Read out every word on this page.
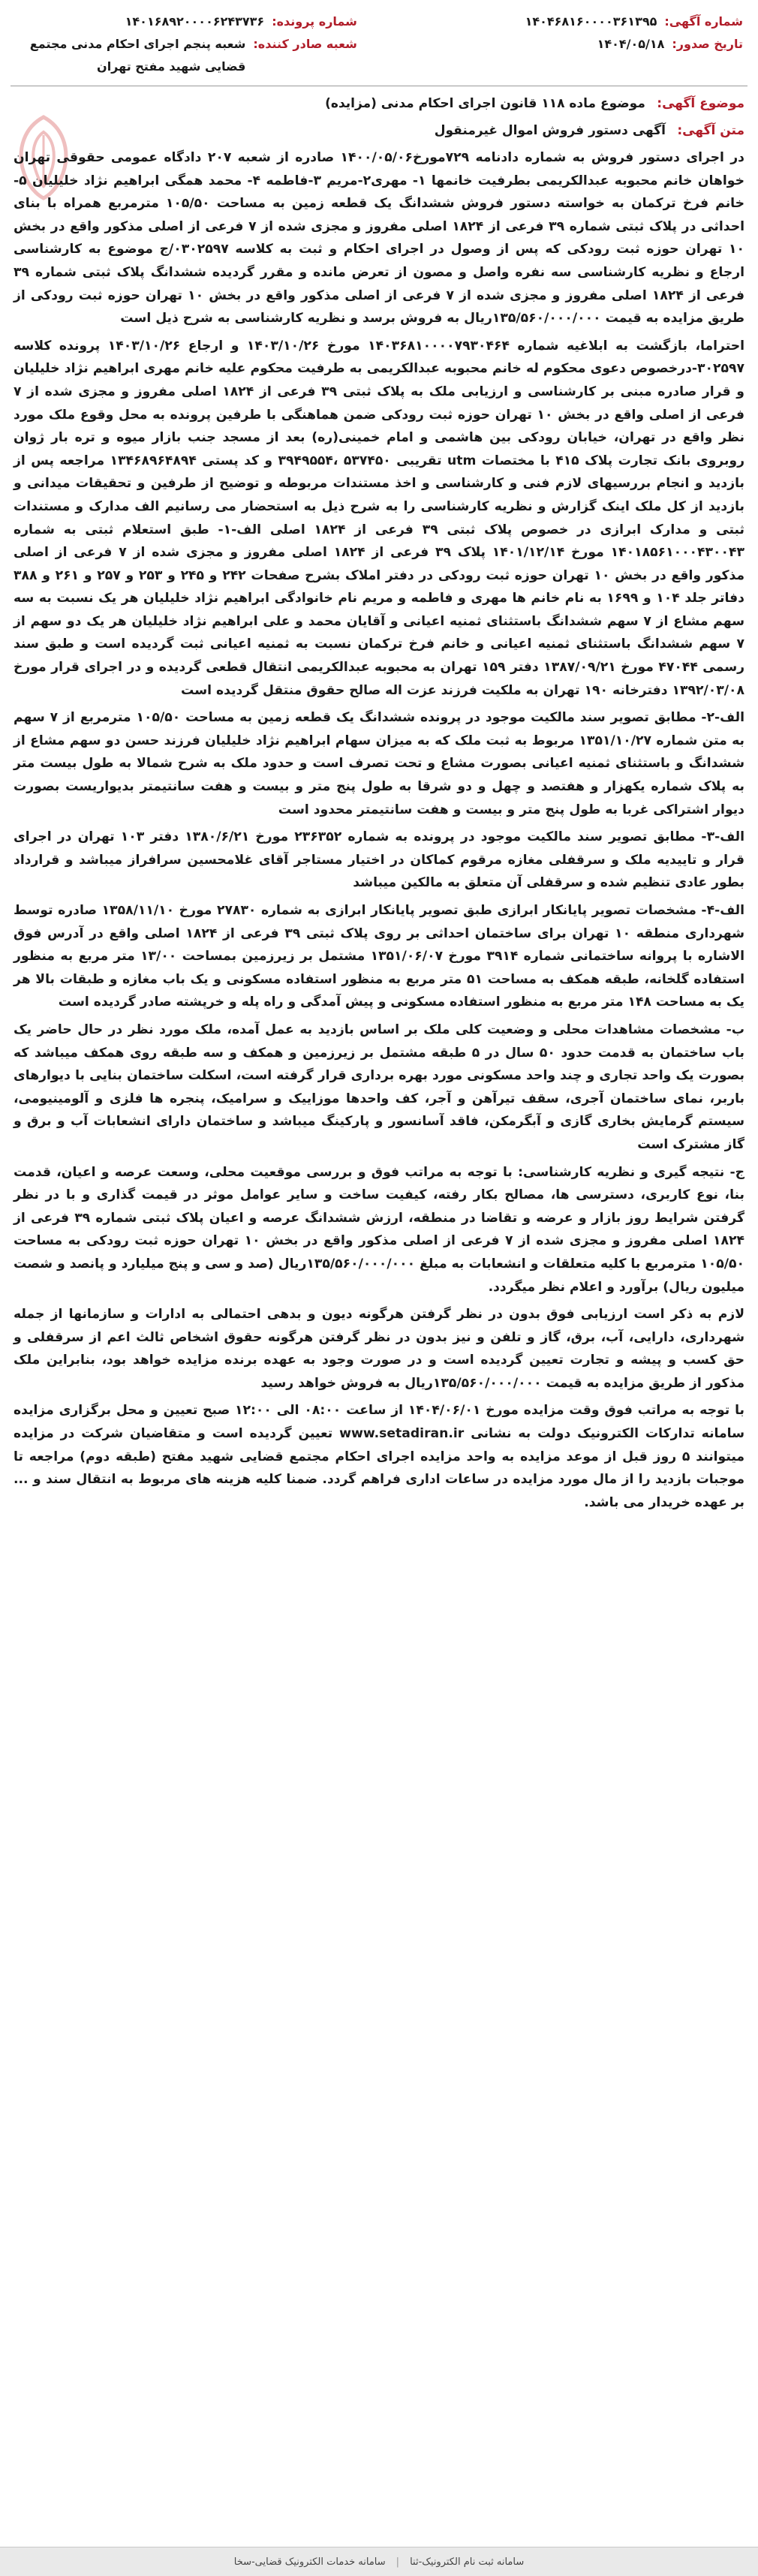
شماره آگهی:
۱۴۰۴۶۸۱۶۰۰۰۰۳۶۱۳۹۵
تاریخ صدور:
۱۴۰۴/۰۵/۱۸
شماره پرونده:
۱۴۰۱۶۸۹۲۰۰۰۰۶۲۴۳۷۳۶
شعبه صادر کننده:
شعبه پنجم اجرای احکام مدنی مجتمع قضایی شهید مفتح تهران
موضوع آگهی: موضوع ماده ۱۱۸ قانون اجرای احکام مدنی (مزایده)
متن آگهی: آگهی دستور فروش اموال غیرمنقول

در اجرای دستور فروش به شماره دادنامه ۷۲۹مورخ۱۴۰۰/۰۵/۰۶ صادره از شعبه ۲۰۷ دادگاه عمومی حقوقی تهران خواهان خانم محبوبه عبدالکریمی بطرفیت خانمها ۱- مهری۲-مریم ۳-فاطمه ۴- محمد همگی ابراهیم نژاد خلیلیان ۵- خانم فرخ ترکمان به خواسته دستور فروش ششدانگ یک قطعه زمین به مساحت ۱۰۵/۵۰ مترمربع همراه با بنای احداثی در پلاک ثبتی شماره ۳۹ فرعی از ۱۸۲۴ اصلی مفروز و مجزی شده از ۷ فرعی از اصلی مذکور واقع در بخش ۱۰ تهران حوزه ثبت رودکی که پس از وصول در اجرای احکام و ثبت به کلاسه ۰۳۰۲۵۹۷/ج موضوع به کارشناسی ارجاع و نظریه کارشناسی سه نفره واصل و مصون از تعرض مانده و مقرر گردیده ششدانگ پلاک ثبتی شماره ۳۹ فرعی از ۱۸۲۴ اصلی مفروز و مجزی شده از ۷ فرعی از اصلی مذکور واقع در بخش ۱۰ تهران حوزه ثبت رودکی از طریق مزایده به قیمت ۱۳۵/۵۶۰/۰۰۰/۰۰۰ریال به فروش برسد و نظریه کارشناسی به شرح ذیل است

احتراما، بازگشت به ابلاغیه شماره ۱۴۰۳۶۸۱۰۰۰۰۷۹۳۰۴۶۴ مورخ ۱۴۰۳/۱۰/۲۶ و ارجاع ۱۴۰۳/۱۰/۲۶ پرونده کلاسه ۳۰۲۵۹۷-درخصوص دعوی محکوم له خانم محبوبه عبدالکریمی به طرفیت محکوم علیه خانم مهری ابراهیم نژاد خلیلیان و قرار صادره مبنی بر کارشناسی و ارزیابی ملک به پلاک ثبتی ۳۹ فرعی از ۱۸۲۴ اصلی مفروز و مجزی شده از ۷ فرعی از اصلی واقع در بخش ۱۰ تهران حوزه ثبت رودکی ضمن هماهنگی با طرفین پرونده به محل وقوع ملک مورد نظر واقع در تهران، خیابان رودکی بین هاشمی و امام خمینی(ره) بعد از مسجد جنب بازار میوه و تره بار ژوان روبروی بانک تجارت پلاک ۴۱۵ با مختصات utm تقریبی ۵۳۷۴۵۰ ،۳۹۴۹۵۵۴ و کد پستی ۱۳۴۶۸۹۶۴۸۹۴ مراجعه پس از بازدید و انجام بررسیهای لازم فنی و کارشناسی و اخذ مستندات مربوطه و توضیح از طرفین و تحقیقات میدانی و بازدید از کل ملک اینک گزارش و نظریه کارشناسی را به شرح ذیل به استحضار می رسانیم الف مدارک و مستندات ثبتی و مدارک ابرازی در خصوص پلاک ثبتی ۳۹ فرعی از ۱۸۲۴ اصلی الف-۱- طبق استعلام ثبتی به شماره ۱۴۰۱۸۵۶۱۰۰۰۴۳۰۰۴۳ مورخ ۱۴۰۱/۱۲/۱۴ پلاک ۳۹ فرعی از ۱۸۲۴ اصلی مفروز و مجزی شده از ۷ فرعی از اصلی مذکور واقع در بخش ۱۰ تهران حوزه ثبت رودکی در دفتر املاک بشرح صفحات ۲۴۲ و ۲۴۵ و ۲۵۳ و ۲۵۷ و ۲۶۱ و ۳۸۸ دفاتر جلد ۱۰۴ و ۱۶۹۹ به نام خانم ها مهری و فاطمه و مریم نام خانوادگی ابراهیم نژاد خلیلیان هر یک نسبت به سه سهم مشاع از ۷ سهم ششدانگ باستثنای ثمنیه اعیانی و آقایان محمد و علی ابراهیم نژاد خلیلیان هر یک دو سهم از ۷ سهم ششدانگ باستثنای ثمنیه اعیانی و خانم فرخ ترکمان نسبت به ثمنیه اعیانی ثبت گردیده است و طبق سند رسمی ۴۷۰۴۴ مورخ ۱۳۸۷/۰۹/۲۱ دفتر ۱۵۹ تهران به محبوبه عبدالکریمی انتقال قطعی گردیده و در اجرای قرار مورخ ۱۳۹۲/۰۳/۰۸ دفترخانه ۱۹۰ تهران به ملکیت فرزند عزت اله صالح حقوق منتقل گردیده است

الف-۲- مطابق تصویر سند مالکیت موجود در پرونده ششدانگ یک قطعه زمین به مساحت ۱۰۵/۵۰ مترمربع از ۷ سهم به متن شماره ۱۳۵۱/۱۰/۲۷ مربوط به ثبت ملک که به میزان سهام ابراهیم نژاد خلیلیان فرزند حسن دو سهم مشاع از ششدانگ و باستثنای ثمنیه اعیانی بصورت مشاع و تحت تصرف است و حدود ملک به شرح شمالا به طول بیست متر به پلاک شماره یکهزار و هفتصد و چهل و دو شرقا به طول پنج متر و بیست و هفت سانتیمتر بدیواریست بصورت دیوار اشتراکی غربا به طول پنج متر و بیست و هفت سانتیمتر محدود است

الف-۳- مطابق تصویر سند مالکیت موجود در پرونده به شماره ۲۳۶۳۵۲ مورخ ۱۳۸۰/۶/۲۱ دفتر ۱۰۳ تهران در اجرای قرار و تاییدیه ملک و سرقفلی مغازه مرقوم کماکان در اختیار مستاجر آقای غلامحسین سرافراز میباشد و قرارداد بطور عادی تنظیم شده و سرقفلی آن متعلق به مالکین میباشد

الف-۴- مشخصات تصویر پایانکار ابرازی طبق تصویر پایانکار ابرازی به شماره ۲۷۸۳۰ مورخ ۱۳۵۸/۱۱/۱۰ صادره توسط شهرداری منطقه ۱۰ تهران برای ساختمان احداثی بر روی پلاک ثبتی ۳۹ فرعی از ۱۸۲۴ اصلی واقع در آدرس فوق الاشاره با پروانه ساختمانی شماره ۳۹۱۴ مورخ ۱۳۵۱/۰۶/۰۷ مشتمل بر زیرزمین بمساحت ۱۳/۰۰ متر مربع به منظور استفاده گلخانه، طبقه همکف به مساحت ۵۱ متر مربع به منظور استفاده مسکونی و یک باب مغازه و طبقات بالا هر یک به مساحت ۱۴۸ متر مربع به منظور استفاده مسکونی و پیش آمدگی و راه پله و خرپشته صادر گردیده است

ب- مشخصات مشاهدات محلی و وضعیت کلی ملک بر اساس بازدید به عمل آمده، ملک مورد نظر در حال حاضر یک باب ساختمان به قدمت حدود ۵۰ سال در ۵ طبقه مشتمل بر زیرزمین و همکف و سه طبقه روی همکف میباشد که بصورت یک واحد تجاری و چند واحد مسکونی مورد بهره برداری قرار گرفته است، اسکلت ساختمان بنایی با دیوارهای باربر، نمای ساختمان آجری، سقف تیرآهن و آجر، کف واحدها موزاییک و سرامیک، پنجره ها فلزی و آلومینیومی، سیستم گرمایش بخاری گازی و آبگرمکن، فاقد آسانسور و پارکینگ میباشد و ساختمان دارای انشعابات آب و برق و گاز مشترک است

ج- نتیجه گیری و نظریه کارشناسی: با توجه به مراتب فوق و بررسی موقعیت محلی، وسعت عرصه و اعیان، قدمت بنا، نوع کاربری، دسترسی ها، مصالح بکار رفته، کیفیت ساخت و سایر عوامل موثر در قیمت گذاری و با در نظر گرفتن شرایط روز بازار و عرضه و تقاضا در منطقه، ارزش ششدانگ عرصه و اعیان پلاک ثبتی شماره ۳۹ فرعی از ۱۸۲۴ اصلی مفروز و مجزی شده از ۷ فرعی از اصلی مذکور واقع در بخش ۱۰ تهران حوزه ثبت رودکی به مساحت ۱۰۵/۵۰ مترمربع با کلیه متعلقات و انشعابات به مبلغ ۱۳۵/۵۶۰/۰۰۰/۰۰۰ریال (صد و سی و پنج میلیارد و پانصد و شصت میلیون ریال) برآورد و اعلام نظر میگردد.

لازم به ذکر است ارزیابی فوق بدون در نظر گرفتن هرگونه دیون و بدهی احتمالی به ادارات و سازمانها از جمله شهرداری، دارایی، آب، برق، گاز و تلفن و نیز بدون در نظر گرفتن هرگونه حقوق اشخاص ثالث اعم از سرقفلی و حق کسب و پیشه و تجارت تعیین گردیده است و در صورت وجود به عهده برنده مزایده خواهد بود، بنابراین ملک مذکور از طریق مزایده به قیمت ۱۳۵/۵۶۰/۰۰۰/۰۰۰ریال به فروش خواهد رسید

با توجه به مراتب فوق وقت مزایده مورخ ۱۴۰۴/۰۶/۰۱ از ساعت ۰۸:۰۰ الی ۱۲:۰۰ صبح تعیین و محل برگزاری مزایده سامانه تدارکات الکترونیک دولت به نشانی www.setadiran.ir تعیین گردیده است و متقاضیان شرکت در مزایده میتوانند ۵ روز قبل از موعد مزایده به واحد مزایده اجرای احکام مجتمع قضایی شهید مفتح (طبقه دوم) مراجعه تا موجبات بازدید را از مال مورد مزایده در ساعات اداری فراهم گردد. ضمنا کلیه هزینه های مربوط به انتقال سند و ... بر عهده خریدار می باشد.

سامانه ثبت نام الکترونیک-ثنا
|
سامانه خدمات الکترونیک قضایی-سخا
